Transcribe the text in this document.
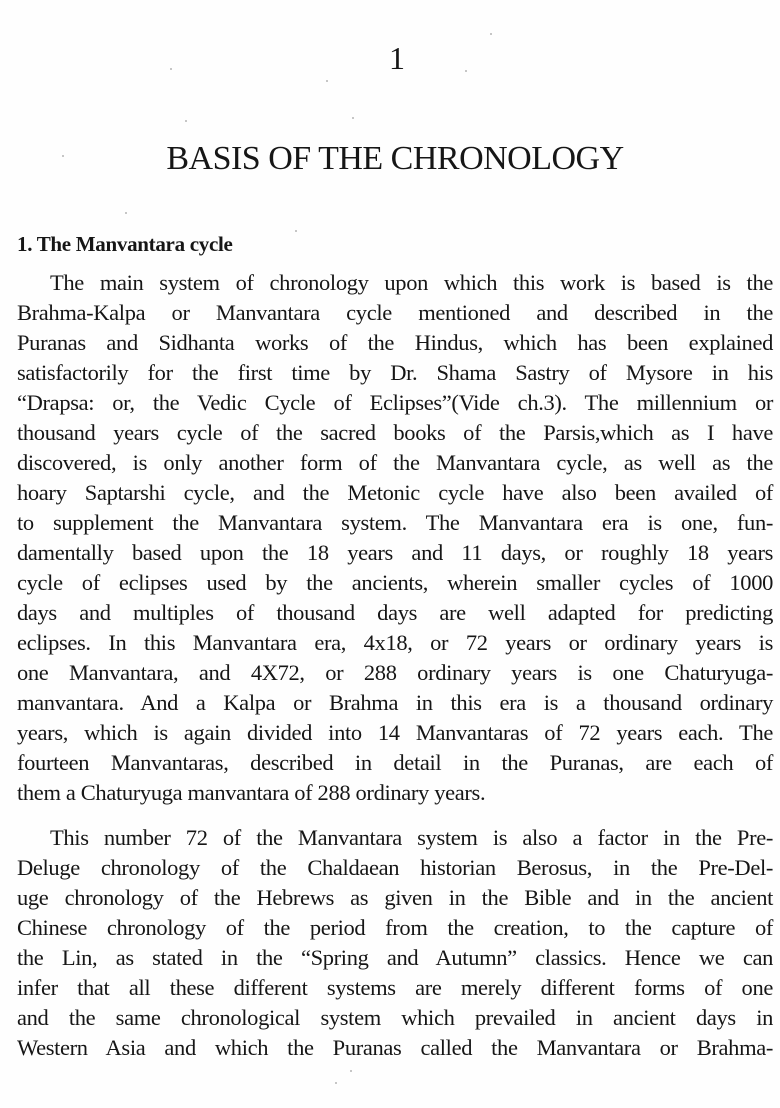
1
BASIS OF THE CHRONOLOGY
1. The Manvantara cycle
The main system of chronology upon which this work is based is the
Brahma-Kalpa or Manvantara cycle mentioned and described in the
Puranas and Sidhanta works of the Hindus, which has been explained
satisfactorily for the first time by Dr. Shama Sastry of Mysore in his
“Drapsa: or, the Vedic Cycle of Eclipses”(Vide ch.3). The millennium or
thousand years cycle of the sacred books of the Parsis,which as I have
discovered, is only another form of the Manvantara cycle, as well as the
hoary Saptarshi cycle, and the Metonic cycle have also been availed of
to supplement the Manvantara system. The Manvantara era is one, fun-
damentally based upon the 18 years and 11 days, or roughly 18 years
cycle of eclipses used by the ancients, wherein smaller cycles of 1000
days and multiples of thousand days are well adapted for predicting
eclipses. In this Manvantara era, 4x18, or 72 years or ordinary years is
one Manvantara, and 4X72, or 288 ordinary years is one Chaturyuga-
manvantara. And a Kalpa or Brahma in this era is a thousand ordinary
years, which is again divided into 14 Manvantaras of 72 years each. The
fourteen Manvantaras, described in detail in the Puranas, are each of
them a Chaturyuga manvantara of 288 ordinary years.
This number 72 of the Manvantara system is also a factor in the Pre-
Deluge chronology of the Chaldaean historian Berosus, in the Pre-Del-
uge chronology of the Hebrews as given in the Bible and in the ancient
Chinese chronology of the period from the creation, to the capture of
the Lin, as stated in the “Spring and Autumn” classics. Hence we can
infer that all these different systems are merely different forms of one
and the same chronological system which prevailed in ancient days in
Western Asia and which the Puranas called the Manvantara or Brahma-
